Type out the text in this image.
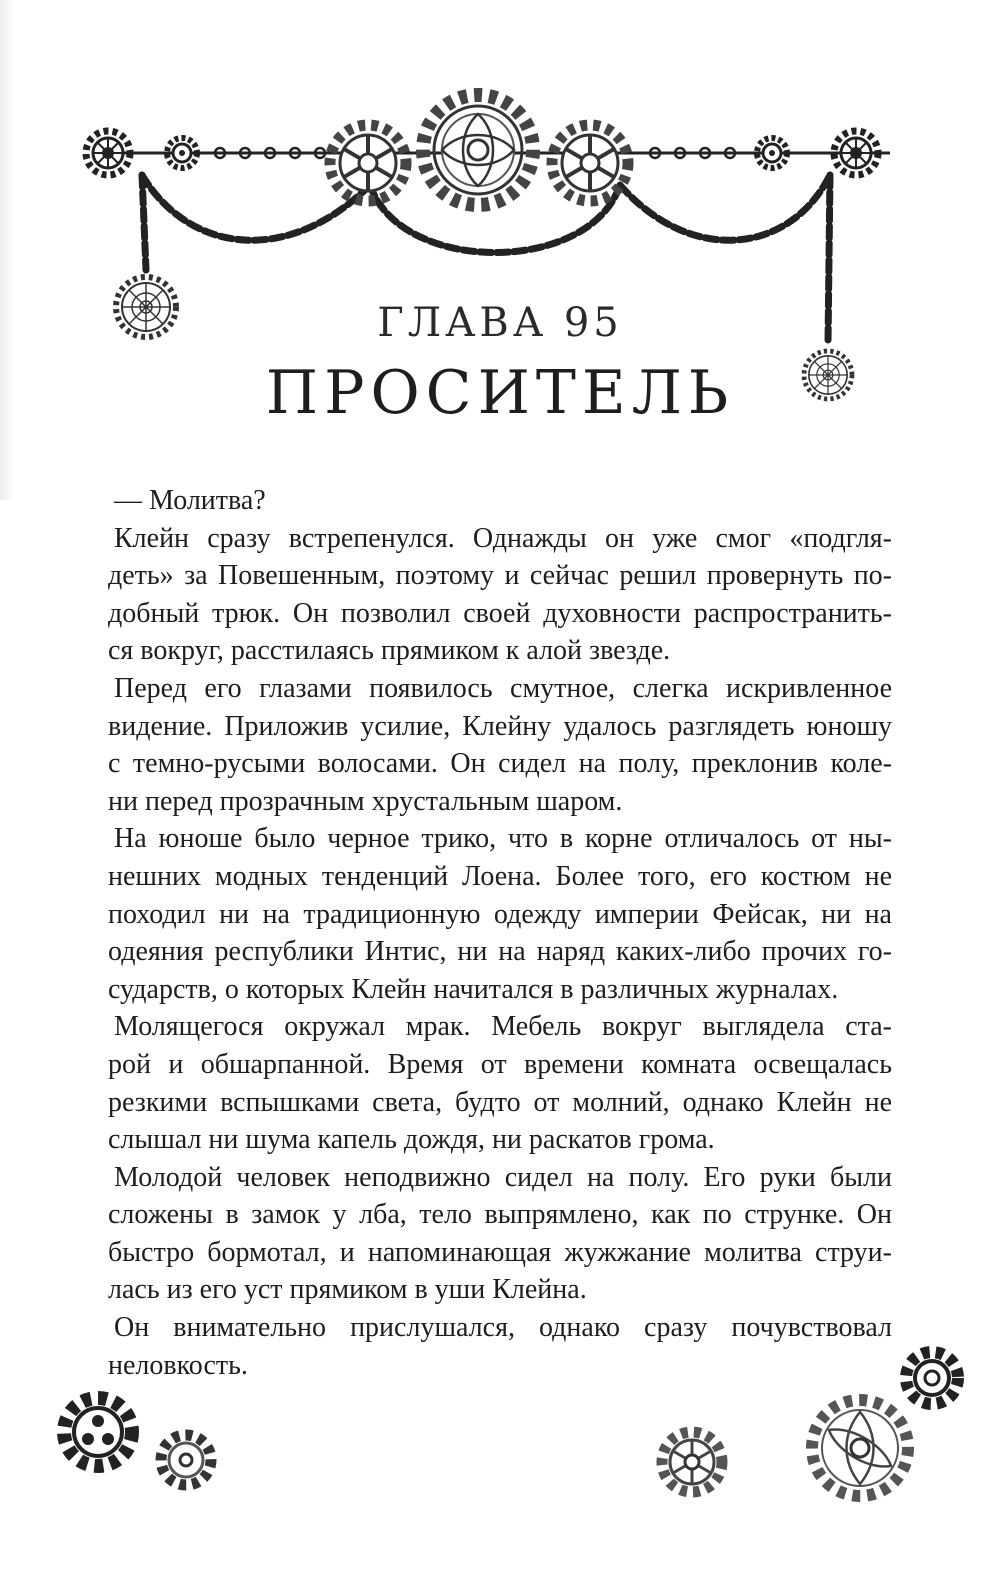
ГЛАВА 95
ПРОСИТЕЛЬ
— Молитва?
Клейн сразу встрепенулся. Однажды он уже смог «подгля-
деть» за Повешенным, поэтому и сейчас решил провернуть по-
добный трюк. Он позволил своей духовности распространить-
ся вокруг, расстилаясь прямиком к алой звезде.
Перед его глазами появилось смутное, слегка искривленное
видение. Приложив усилие, Клейну удалось разглядеть юношу
с темно-русыми волосами. Он сидел на полу, преклонив коле-
ни перед прозрачным хрустальным шаром.
На юноше было черное трико, что в корне отличалось от ны-
нешних модных тенденций Лоена. Более того, его костюм не
походил ни на традиционную одежду империи Фейсак, ни на
одеяния республики Интис, ни на наряд каких-либо прочих го-
сударств, о которых Клейн начитался в различных журналах.
Молящегося окружал мрак. Мебель вокруг выглядела ста-
рой и обшарпанной. Время от времени комната освещалась
резкими вспышками света, будто от молний, однако Клейн не
слышал ни шума капель дождя, ни раскатов грома.
Молодой человек неподвижно сидел на полу. Его руки были
сложены в замок у лба, тело выпрямлено, как по струнке. Он
быстро бормотал, и напоминающая жужжание молитва струи-
лась из его уст прямиком в уши Клейна.
Он внимательно прислушался, однако сразу почувствовал
неловкость.
